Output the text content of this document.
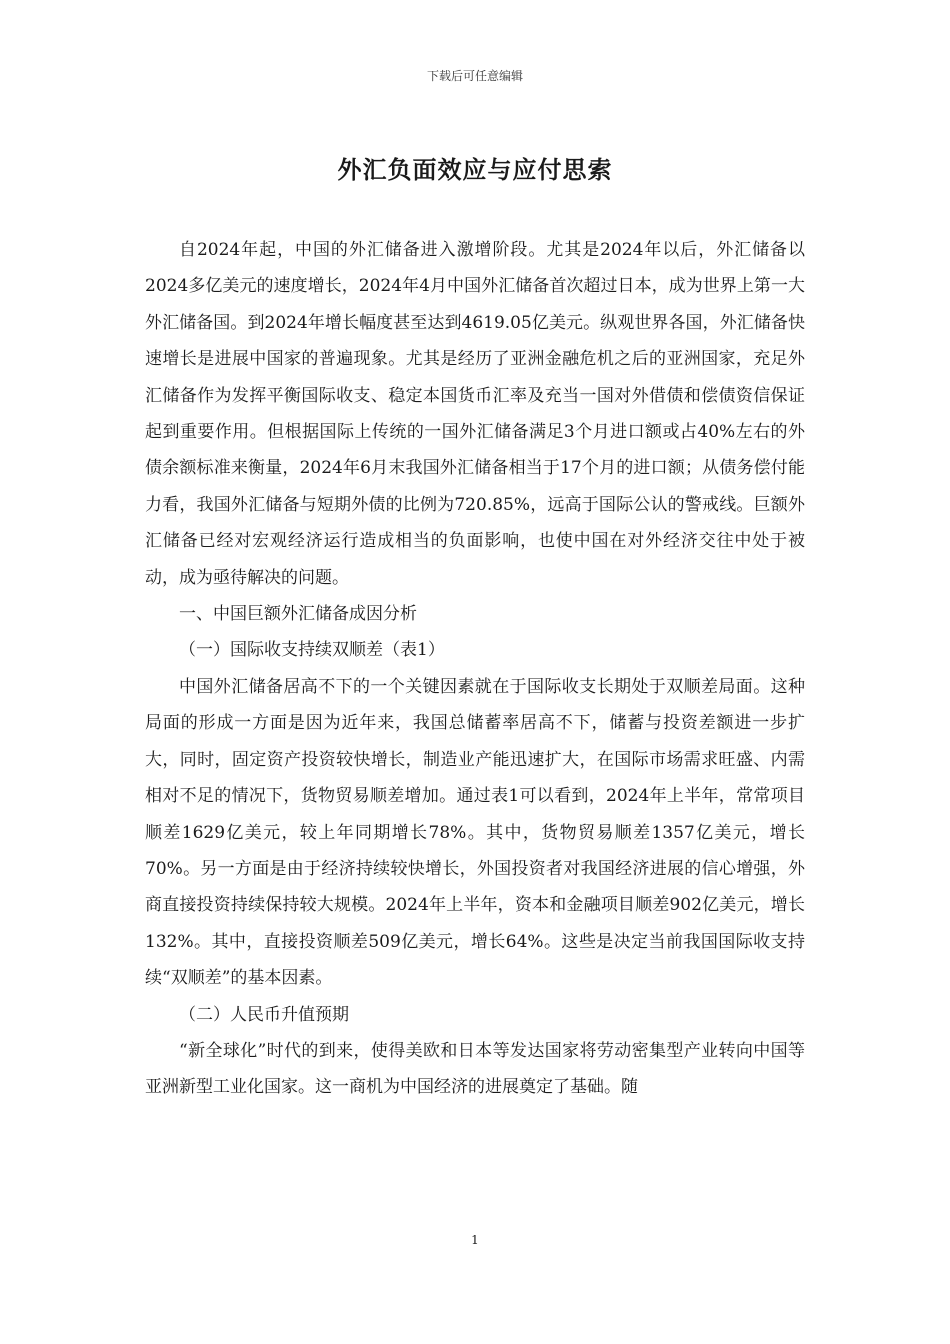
下载后可任意编辑
外汇负面效应与应付思索

自2024年起，中国的外汇储备进入激增阶段。尤其是2024年以后，外汇储备以2024多亿美元的速度增长，2024年4月中国外汇储备首次超过日本，成为世界上第一大外汇储备国。到2024年增长幅度甚至达到4619.05亿美元。纵观世界各国，外汇储备快速增长是进展中国家的普遍现象。尤其是经历了亚洲金融危机之后的亚洲国家，充足外汇储备作为发挥平衡国际收支、稳定本国货币汇率及充当一国对外借债和偿债资信保证起到重要作用。但根据国际上传统的一国外汇储备满足3个月进口额或占40%左右的外债余额标准来衡量，2024年6月末我国外汇储备相当于17个月的进口额；从债务偿付能力看，我国外汇储备与短期外债的比例为720.85%，远高于国际公认的警戒线。巨额外汇储备已经对宏观经济运行造成相当的负面影响，也使中国在对外经济交往中处于被动，成为亟待解决的问题。

一、中国巨额外汇储备成因分析

（一）国际收支持续双顺差（表1）

中国外汇储备居高不下的一个关键因素就在于国际收支长期处于双顺差局面。这种局面的形成一方面是因为近年来，我国总储蓄率居高不下，储蓄与投资差额进一步扩大，同时，固定资产投资较快增长，制造业产能迅速扩大，在国际市场需求旺盛、内需相对不足的情况下，货物贸易顺差增加。通过表1可以看到，2024年上半年，常常项目顺差1629亿美元，较上年同期增长78%。其中，货物贸易顺差1357亿美元，增长70%。另一方面是由于经济持续较快增长，外国投资者对我国经济进展的信心增强，外商直接投资持续保持较大规模。2024年上半年，资本和金融项目顺差902亿美元，增长132%。其中，直接投资顺差509亿美元，增长64%。这些是决定当前我国国际收支持续“双顺差”的基本因素。

（二）人民币升值预期

“新全球化”时代的到来，使得美欧和日本等发达国家将劳动密集型产业转向中国等亚洲新型工业化国家。这一商机为中国经济的进展奠定了基础。随

1
